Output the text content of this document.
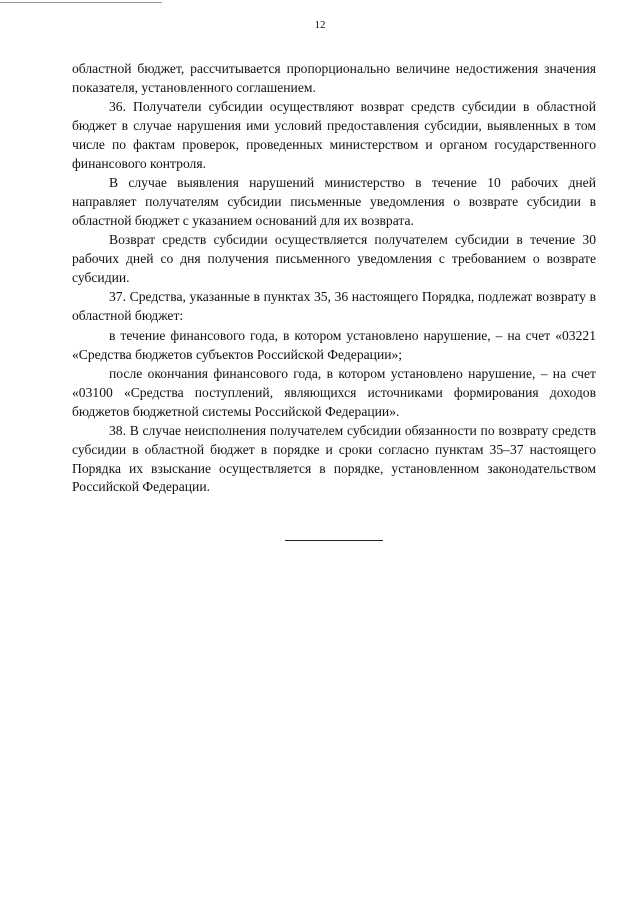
12

областной бюджет, рассчитывается пропорционально величине недостижения значения показателя, установленного соглашением.

36. Получатели субсидии осуществляют возврат средств субсидии в областной бюджет в случае нарушения ими условий предоставления субсидии, выявленных в том числе по фактам проверок, проведенных министерством и органом государственного финансового контроля.

В случае выявления нарушений министерство в течение 10 рабочих дней направляет получателям субсидии письменные уведомления о возврате субсидии в областной бюджет с указанием оснований для их возврата.

Возврат средств субсидии осуществляется получателем субсидии в течение 30 рабочих дней со дня получения письменного уведомления с требованием о возврате субсидии.

37. Средства, указанные в пунктах 35, 36 настоящего Порядка, подлежат возврату в областной бюджет:

в течение финансового года, в котором установлено нарушение, – на счет «03221 «Средства бюджетов субъектов Российской Федерации»;

после окончания финансового года, в котором установлено нарушение, – на счет «03100 «Средства поступлений, являющихся источниками формирования доходов бюджетов бюджетной системы Российской Федерации».

38. В случае неисполнения получателем субсидии обязанности по возврату средств субсидии в областной бюджет в порядке и сроки согласно пунктам 35–37 настоящего Порядка их взыскание осуществляется в порядке, установленном законодательством Российской Федерации.
